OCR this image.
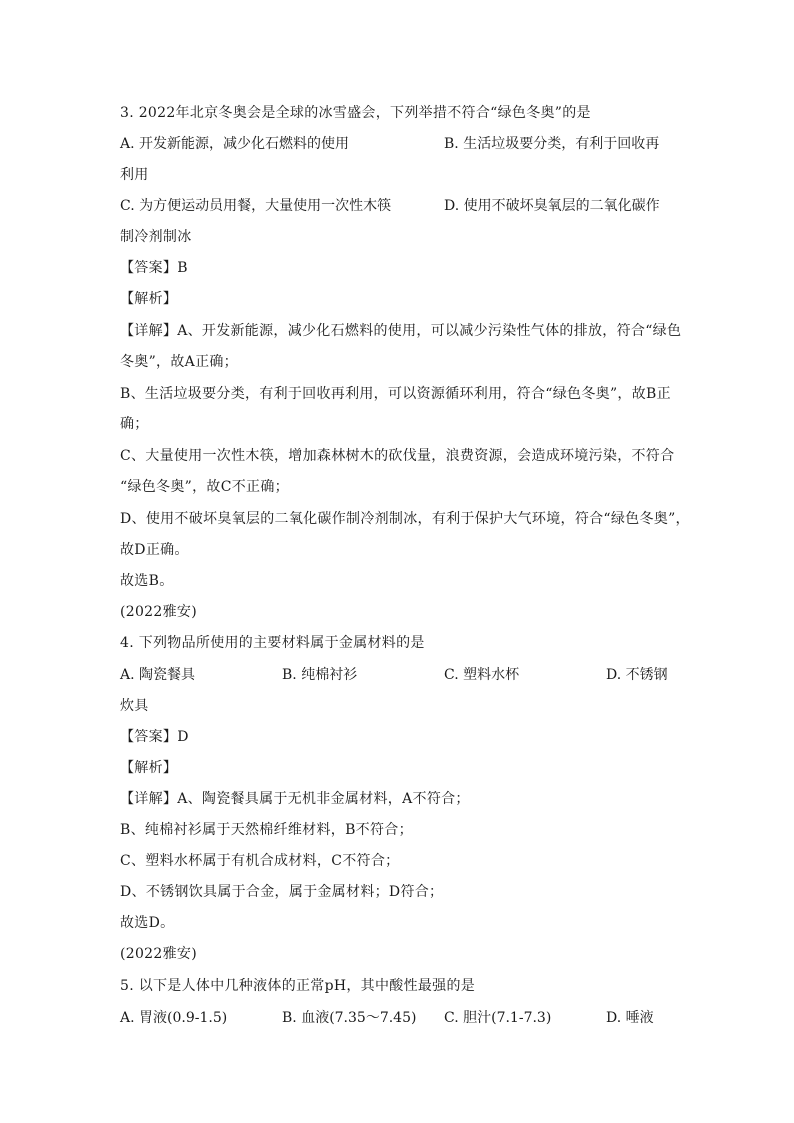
3. 2022年北京冬奥会是全球的冰雪盛会，下列举措不符合“绿色冬奥”的是
A. 开发新能源，减少化石燃料的使用	B. 生活垃圾要分类，有利于回收再
利用
C. 为方便运动员用餐，大量使用一次性木筷	D. 使用不破坏臭氧层的二氧化碳作
制冷剂制冰
【答案】B
【解析】
【详解】A、开发新能源，减少化石燃料的使用，可以减少污染性气体的排放，符合“绿色
冬奥”，故A正确；
B、生活垃圾要分类，有利于回收再利用，可以资源循环利用，符合“绿色冬奥”，故B正
确；
C、大量使用一次性木筷，增加森林树木的砍伐量，浪费资源，会造成环境污染，不符合
“绿色冬奥”，故C不正确；
D、使用不破坏臭氧层的二氧化碳作制冷剂制冰，有利于保护大气环境，符合“绿色冬奥”，
故D正确。
故选B。
(2022雅安)
4. 下列物品所使用的主要材料属于金属材料的是
A. 陶瓷餐具	B. 纯棉衬衫	C. 塑料水杯	D. 不锈钢
炊具
【答案】D
【解析】
【详解】A、陶瓷餐具属于无机非金属材料，A不符合；
B、纯棉衬衫属于天然棉纤维材料，B不符合；
C、塑料水杯属于有机合成材料，C不符合；
D、不锈钢饮具属于合金，属于金属材料；D符合；
故选D。
(2022雅安)
5. 以下是人体中几种液体的正常pH，其中酸性最强的是
A. 胃液(0.9-1.5)	B. 血液(7.35～7.45) C. 胆汁(7.1-7.3)	D. 唾液
